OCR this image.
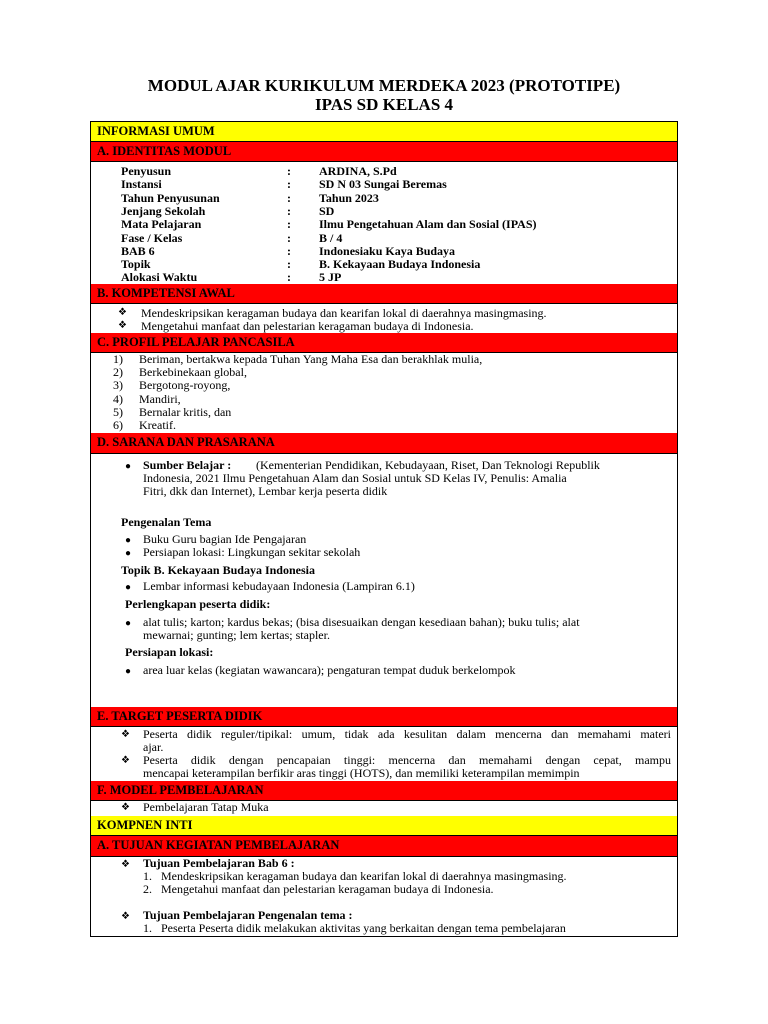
MODUL AJAR KURIKULUM MERDEKA 2023 (PROTOTIPE)
IPAS SD KELAS 4
INFORMASI UMUM
A. IDENTITAS MODUL
Penyusun	: ARDINA, S.Pd
Instansi	: SD N 03 Sungai Beremas
Tahun Penyusunan	: Tahun 2023
Jenjang Sekolah	: SD
Mata Pelajaran	: Ilmu Pengetahuan Alam dan Sosial (IPAS)
Fase / Kelas	: B / 4
BAB 6	: Indonesiaku Kaya Budaya
Topik	: B. Kekayaan Budaya Indonesia
Alokasi Waktu	: 5 JP
B. KOMPETENSI AWAL
❖ Mendeskripsikan keragaman budaya dan kearifan lokal di daerahnya masingmasing.
❖ Mengetahui manfaat dan pelestarian keragaman budaya di Indonesia.
C. PROFIL PELAJAR PANCASILA
1) Beriman, bertakwa kepada Tuhan Yang Maha Esa dan berakhlak mulia,
2) Berkebinekaan global,
3) Bergotong-royong,
4) Mandiri,
5) Bernalar kritis, dan
6) Kreatif.
D. SARANA DAN PRASARANA
● Sumber Belajar : (Kementerian Pendidikan, Kebudayaan, Riset, Dan Teknologi Republik
Indonesia, 2021 Ilmu Pengetahuan Alam dan Sosial untuk SD Kelas IV, Penulis: Amalia
Fitri, dkk dan Internet), Lembar kerja peserta didik
Pengenalan Tema
● Buku Guru bagian Ide Pengajaran
● Persiapan lokasi: Lingkungan sekitar sekolah
Topik B. Kekayaan Budaya Indonesia
● Lembar informasi kebudayaan Indonesia (Lampiran 6.1)
Perlengkapan peserta didik:
● alat tulis; karton; kardus bekas; (bisa disesuaikan dengan kesediaan bahan); buku tulis; alat
mewarnai; gunting; lem kertas; stapler.
Persiapan lokasi:
● area luar kelas (kegiatan wawancara); pengaturan tempat duduk berkelompok
E. TARGET PESERTA DIDIK
❖ Peserta didik reguler/tipikal: umum, tidak ada kesulitan dalam mencerna dan memahami materi
ajar.
❖ Peserta didik dengan pencapaian tinggi: mencerna dan memahami dengan cepat, mampu
mencapai keterampilan berfikir aras tinggi (HOTS), dan memiliki keterampilan memimpin
F. MODEL PEMBELAJARAN
❖ Pembelajaran Tatap Muka
KOMPNEN INTI
A. TUJUAN KEGIATAN PEMBELAJARAN
❖ Tujuan Pembelajaran Bab 6 :
1. Mendeskripsikan keragaman budaya dan kearifan lokal di daerahnya masingmasing.
2. Mengetahui manfaat dan pelestarian keragaman budaya di Indonesia.
❖ Tujuan Pembelajaran Pengenalan tema :
1. Peserta Peserta didik melakukan aktivitas yang berkaitan dengan tema pembelajaran
